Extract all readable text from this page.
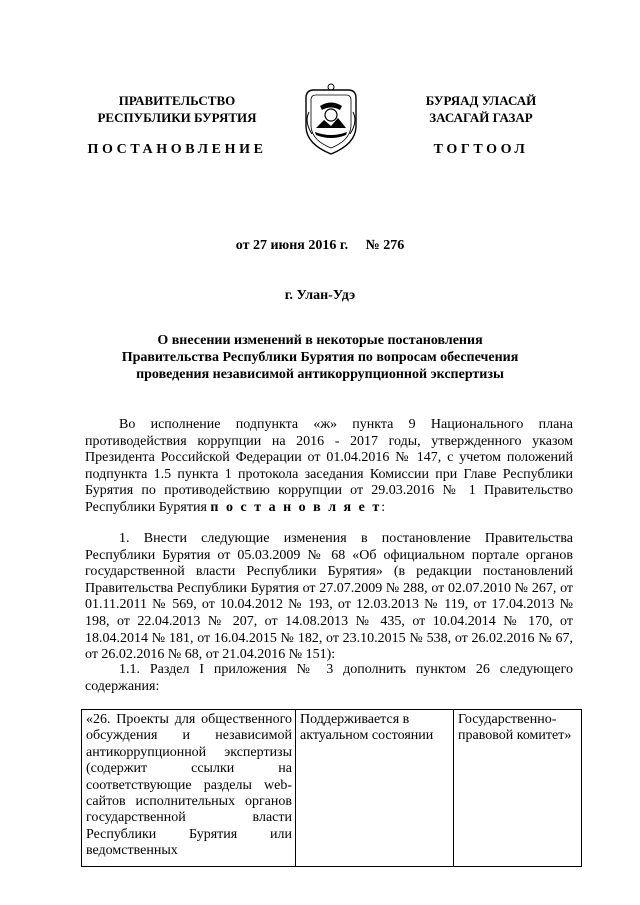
ПРАВИТЕЛЬСТВО
РЕСПУБЛИКИ БУРЯТИЯ
БУРЯАД УЛАСАЙ
ЗАСАГАЙ ГАЗАР
ПОСТАНОВЛЕНИЕ	ТОГТООЛ
от 27 июня 2016 г.     № 276
г. Улан-Удэ
О внесении изменений в некоторые постановления
Правительства Республики Бурятия по вопросам обеспечения
проведения независимой антикоррупционной экспертизы
Во исполнение подпункта «ж» пункта 9 Национального плана противодействия коррупции на 2016 - 2017 годы, утвержденного указом Президента Российской Федерации от 01.04.2016 № 147, с учетом положений подпункта 1.5 пункта 1 протокола заседания Комиссии при Главе Республики Бурятия по противодействию коррупции от 29.03.2016 № 1 Правительство Республики Бурятия п о с т а н о в л я е т:
1. Внести следующие изменения в постановление Правительства Республики Бурятия от 05.03.2009 № 68 «Об официальном портале органов государственной власти Республики Бурятия» (в редакции постановлений Правительства Республики Бурятия от 27.07.2009 № 288, от 02.07.2010 № 267, от 01.11.2011 № 569, от 10.04.2012 № 193, от 12.03.2013 № 119, от 17.04.2013 № 198, от 22.04.2013 № 207, от 14.08.2013 № 435, от 10.04.2014 № 170, от 18.04.2014 № 181, от 16.04.2015 № 182, от 23.10.2015 № 538, от 26.02.2016 № 67, от 26.02.2016 № 68, от 21.04.2016 № 151):
1.1. Раздел I приложения № 3 дополнить пунктом 26 следующего содержания:
«26. Проекты для общественного обсуждения и независимой антикоррупционной экспертизы (содержит ссылки на соответствующие разделы web-сайтов исполнительных органов государственной власти Республики Бурятия или ведомственных	Поддерживается в актуальном состоянии	Государственно-правовой комитет»
